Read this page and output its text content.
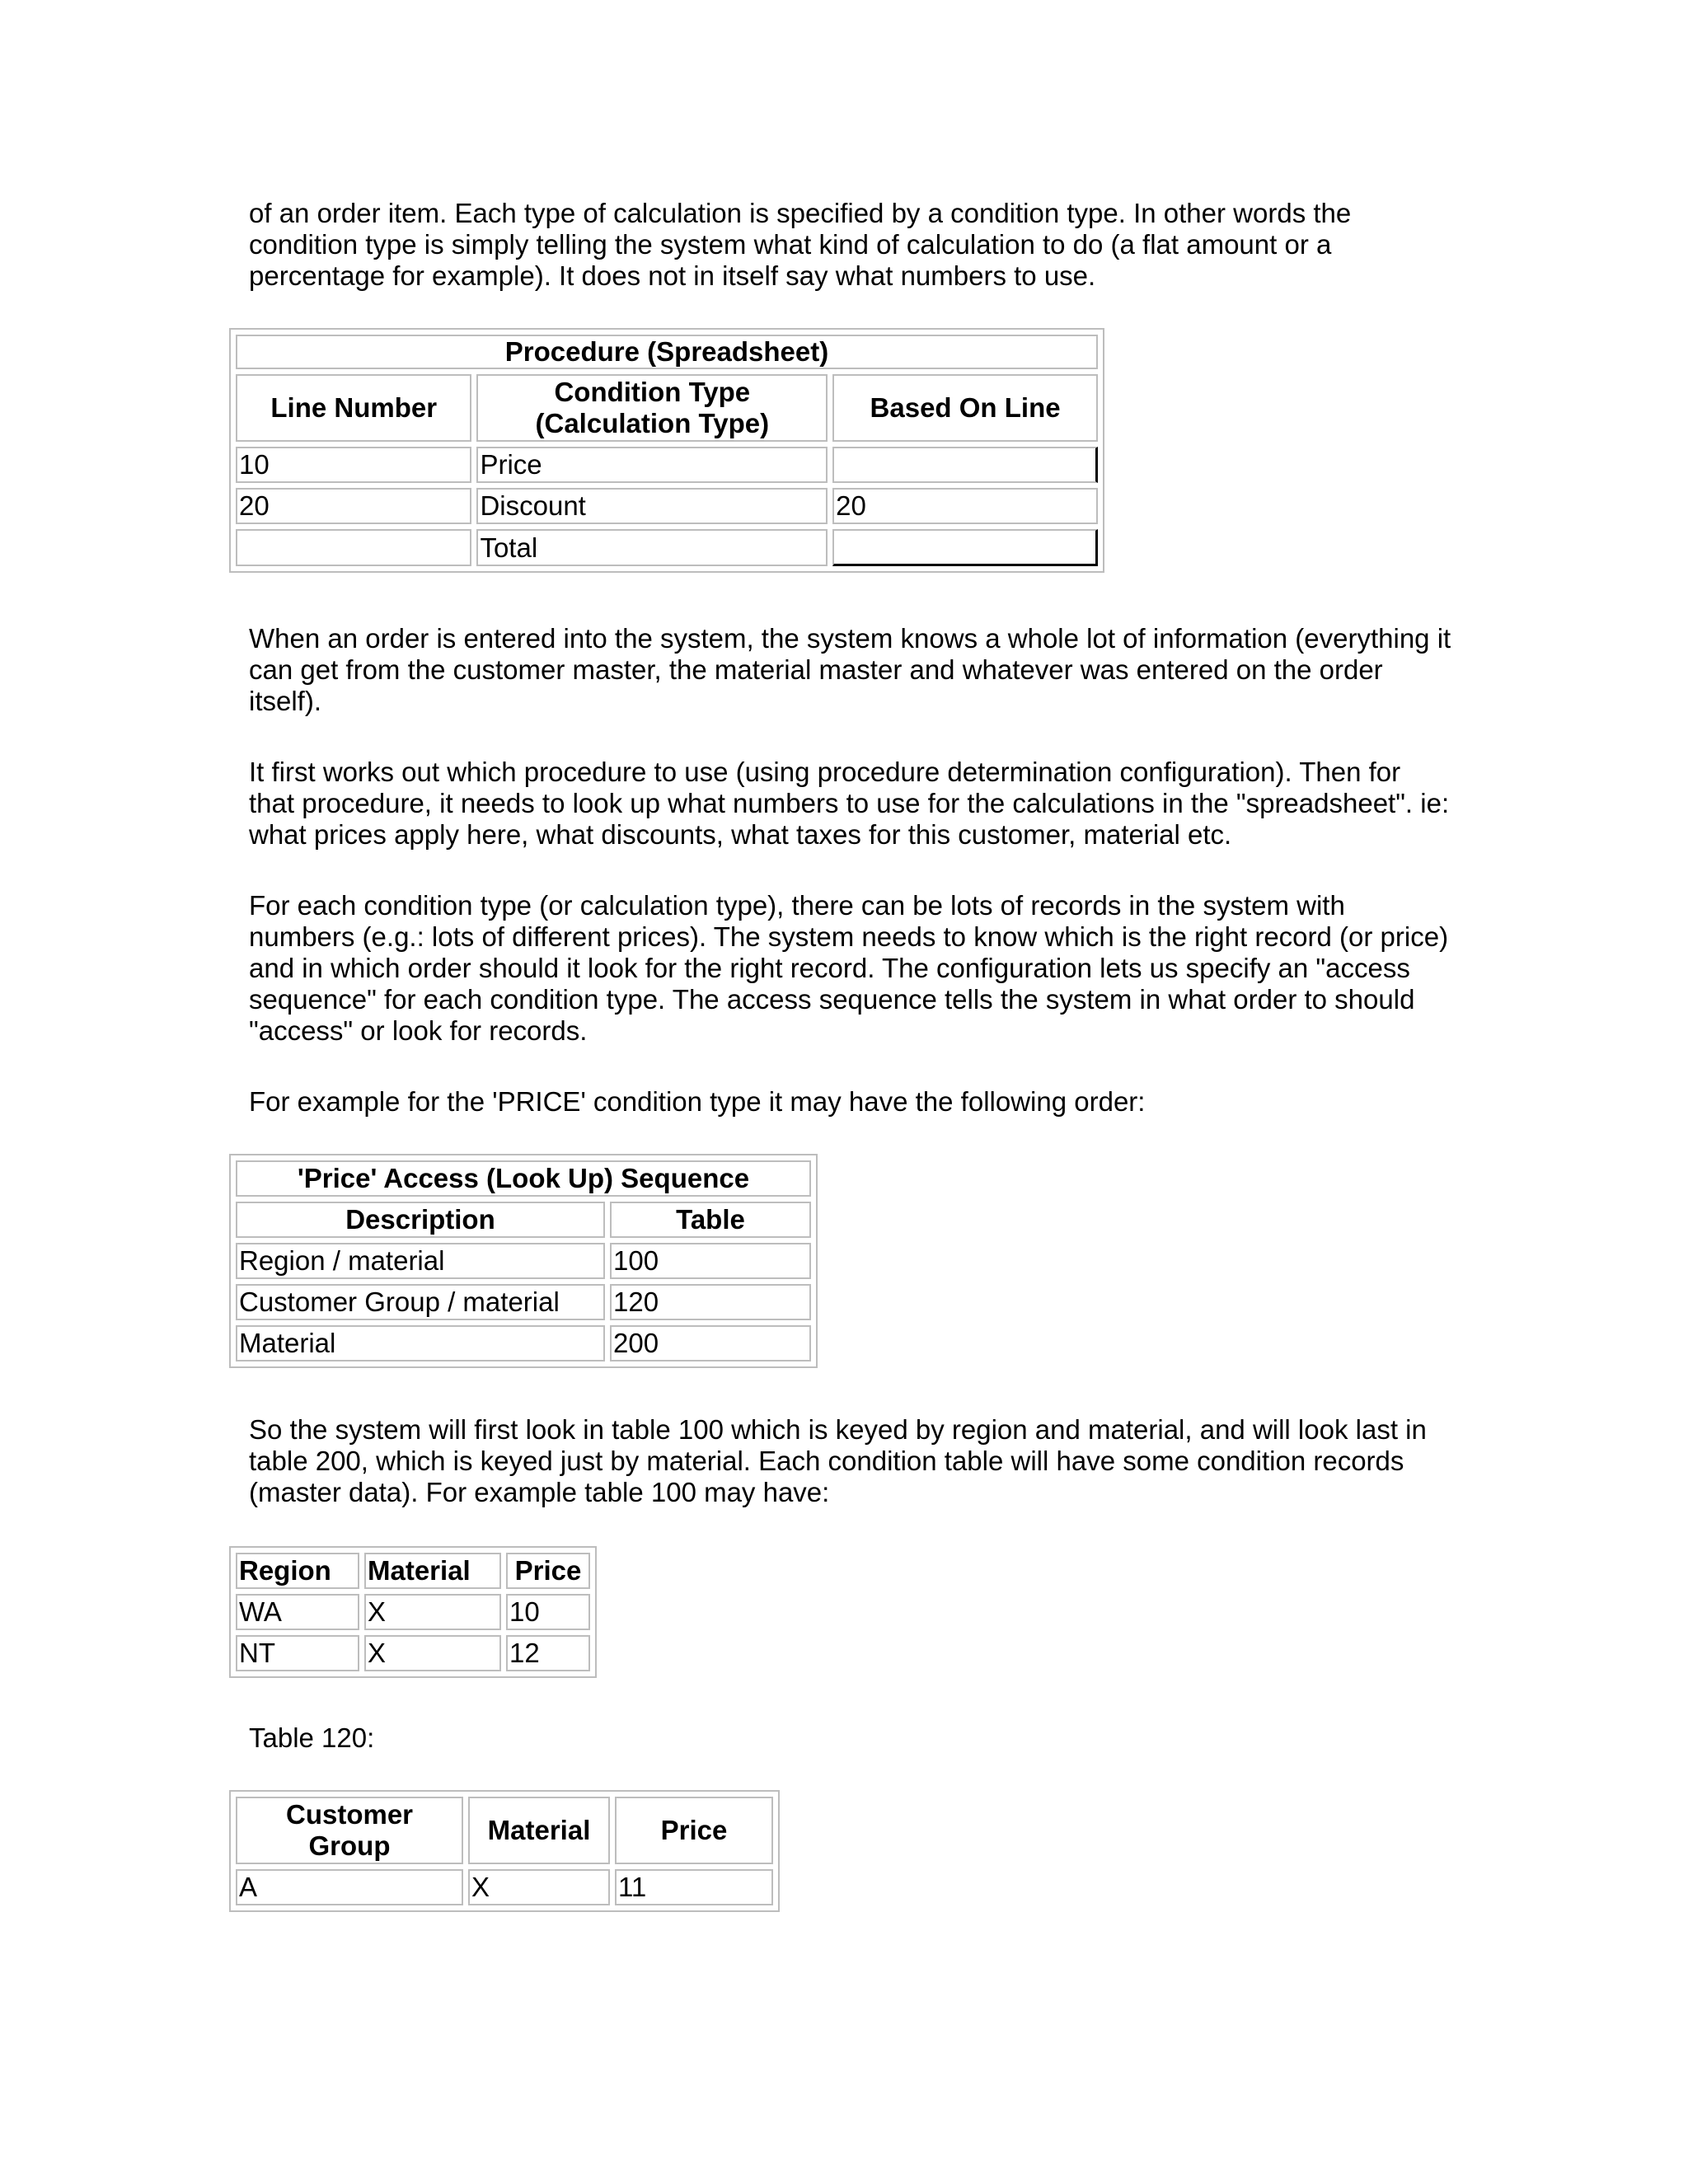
of an order item. Each type of calculation is specified by a condition type. In other words the condition type is simply telling the system what kind of calculation to do (a flat amount or a percentage for example). It does not in itself say what numbers to use.

Procedure (Spreadsheet)		
Line Number	Condition Type (Calculation Type)	Based On Line
10	Price	
20	Discount	20
	Total	

When an order is entered into the system, the system knows a whole lot of information (everything it can get from the customer master, the material master and whatever was entered on the order itself).

It first works out which procedure to use (using procedure determination configuration). Then for that procedure, it needs to look up what numbers to use for the calculations in the "spreadsheet". ie: what prices apply here, what discounts, what taxes for this customer, material etc.

For each condition type (or calculation type), there can be lots of records in the system with numbers (e.g.: lots of different prices). The system needs to know which is the right record (or price) and in which order should it look for the right record. The configuration lets us specify an "access sequence" for each condition type. The access sequence tells the system in what order to should "access" or look for records.

For example for the 'PRICE' condition type it may have the following order:

'Price' Access (Look Up) Sequence	
Description	Table
Region / material	100
Customer Group / material	120
Material	200

So the system will first look in table 100 which is keyed by region and material, and will look last in table 200, which is keyed just by material. Each condition table will have some condition records (master data). For example table 100 may have:

Region	Material	Price
WA	X	10
NT	X	12

Table 120:

Customer Group	Material	Price
A	X	11
